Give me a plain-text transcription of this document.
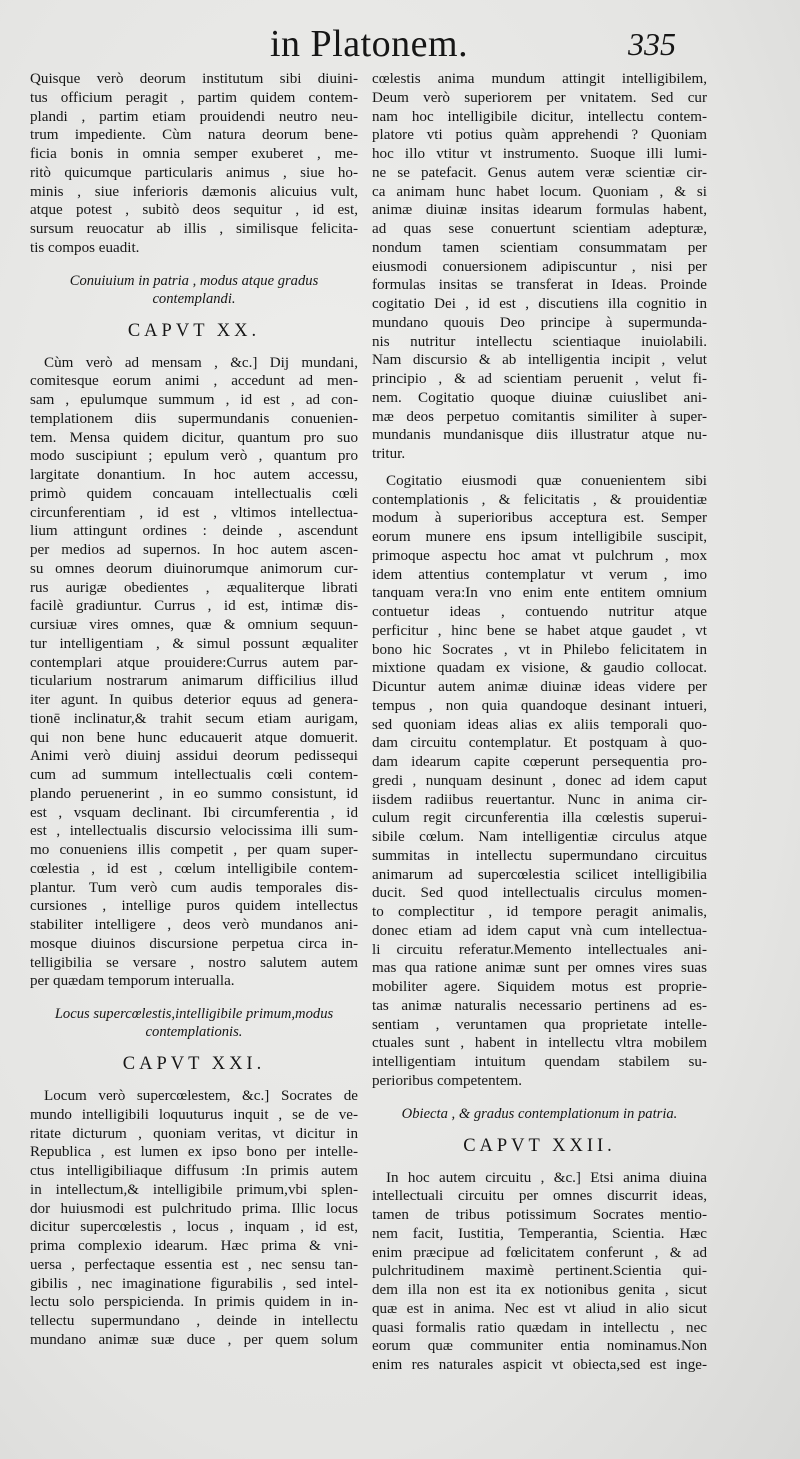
in Platonem.	335
Quisque verò deorum institutum sibi diuini-
tus officium peragit , partim quidem contem-
plandi , partim etiam prouidendi neutro neu-
trum impediente. Cùm natura deorum bene-
ficia bonis in omnia semper exuberet , me-
ritò quicumque particularis animus , siue ho-
minis , siue inferioris dæmonis alicuius vult,
atque potest , subitò deos sequitur , id est,
sursum reuocatur ab illis , similisque felicita-
tis compos euadit.
Conuiuium in patria , modus atque gradus
contemplandi.
CAPVT XX.
Cùm verò ad mensam , &c.] Dij mundani,
comitesque eorum animi , accedunt ad men-
sam , epulumque summum , id est , ad con-
templationem diis supermundanis conuenien-
tem. Mensa quidem dicitur, quantum pro suo
modo suscipiunt ; epulum verò , quantum pro
largitate donantium. In hoc autem accessu,
primò quidem concauam intellectualis cœli
circunferentiam , id est , vltimos intellectua-
lium attingunt ordines : deinde , ascendunt
per medios ad supernos. In hoc autem ascen-
su omnes deorum diuinorumque animorum cur-
rus aurigæ obedientes , æqualiterque librati
facilè gradiuntur. Currus , id est, intimæ dis-
cursiuæ vires omnes, quæ & omnium sequun-
tur intelligentiam , & simul possunt æqualiter
contemplari atque prouidere:Currus autem par-
ticularium nostrarum animarum difficilius illud
iter agunt. In quibus deterior equus ad genera-
tionē inclinatur,& trahit secum etiam aurigam,
qui non bene hunc educauerit atque domuerit.
Animi verò diuinj assidui deorum pedissequi
cum ad summum intellectualis cœli contem-
plando peruenerint , in eo summo consistunt, id
est , vsquam declinant. Ibi circumferentia , id
est , intellectualis discursio velocissima illi sum-
mo conueniens illis competit , per quam super-
cœlestia , id est , cœlum intelligibile contem-
plantur. Tum verò cum audis temporales dis-
cursiones , intellige puros quidem intellectus
stabiliter intelligere , deos verò mundanos ani-
mosque diuinos discursione perpetua circa in-
telligibilia se versare , nostro salutem autem
per quædam temporum interualla.
Locus supercœlestis,intelligibile primum,modus
contemplationis.
CAPVT XXI.
Locum verò supercœlestem, &c.] Socrates de
mundo intelligibili loquuturus inquit , se de ve-
ritate dicturum , quoniam veritas, vt dicitur in
Republica , est lumen ex ipso bono per intelle-
ctus intelligibiliaque diffusum :In primis autem
in intellectum,& intelligibile primum,vbi splen-
dor huiusmodi est pulchritudo prima. Illic locus
dicitur supercœlestis , locus , inquam , id est,
prima complexio idearum. Hæc prima & vni-
uersa , perfectaque essentia est , nec sensu tan-
gibilis , nec imaginatione figurabilis , sed intel-
lectu solo perspicienda. In primis quidem in in-
tellectu supermundano , deinde in intellectu
mundano animæ suæ duce , per quem solum
cœlestis anima mundum attingit intelligibilem,
Deum verò superiorem per vnitatem. Sed cur
nam hoc intelligibile dicitur, intellectu contem-
platore vti potius quàm apprehendi ? Quoniam
hoc illo vtitur vt instrumento. Suoque illi lumi-
ne se patefacit. Genus autem veræ scientiæ cir-
ca animam hunc habet locum. Quoniam , & si
animæ diuinæ insitas idearum formulas habent,
ad quas sese conuertunt scientiam adepturæ,
nondum tamen scientiam consummatam per
eiusmodi conuersionem adipiscuntur , nisi per
formulas insitas se transferat in Ideas. Proinde
cogitatio Dei , id est , discutiens illa cognitio in
mundano quouis Deo principe à supermunda-
nis nutritur intellectu scientiaque inuiolabili.
Nam discursio & ab intelligentia incipit , velut
principio , & ad scientiam peruenit , velut fi-
nem. Cogitatio quoque diuinæ cuiuslibet ani-
mæ deos perpetuo comitantis similiter à super-
mundanis mundanisque diis illustratur atque nu-
tritur.
Cogitatio eiusmodi quæ conuenientem sibi
contemplationis , & felicitatis , & prouidentiæ
modum à superioribus acceptura est. Semper
eorum munere ens ipsum intelligibile suscipit,
primoque aspectu hoc amat vt pulchrum , mox
idem attentius contemplatur vt verum , imo
tanquam vera:In vno enim ente entitem omnium
contuetur ideas , contuendo nutritur atque
perficitur , hinc bene se habet atque gaudet , vt
bono hic Socrates , vt in Philebo felicitatem in
mixtione quadam ex visione, & gaudio collocat.
Dicuntur autem animæ diuinæ ideas videre per
tempus , non quia quandoque desinant intueri,
sed quoniam ideas alias ex aliis temporali quo-
dam circuitu contemplatur. Et postquam à quo-
dam idearum capite cœperunt persequentia pro-
gredi , nunquam desinunt , donec ad idem caput
iisdem radiibus reuertantur. Nunc in anima cir-
culum regit circunferentia illa cœlestis superui-
sibile cœlum. Nam intelligentiæ circulus atque
summitas in intellectu supermundano circuitus
animarum ad supercœlestia scilicet intelligibilia
ducit. Sed quod intellectualis circulus momen-
to complectitur , id tempore peragit animalis,
donec etiam ad idem caput vnà cum intellectua-
li circuitu referatur.Memento intellectuales ani-
mas qua ratione animæ sunt per omnes vires suas
mobiliter agere. Siquidem motus est proprie-
tas animæ naturalis necessario pertinens ad es-
sentiam , veruntamen qua proprietate intelle-
ctuales sunt , habent in intellectu vltra mobilem
intelligentiam intuitum quendam stabilem su-
perioribus competentem.
Obiecta , & gradus contemplationum in patria.
CAPVT XXII.
In hoc autem circuitu , &c.] Etsi anima diuina
intellectuali circuitu per omnes discurrit ideas,
tamen de tribus potissimum Socrates mentio-
nem facit, Iustitia, Temperantia, Scientia. Hæc
enim præcipue ad fœlicitatem conferunt , & ad
pulchritudinem maximè pertinent.Scientia qui-
dem illa non est ita ex notionibus genita , sicut
quæ est in anima. Nec est vt aliud in alio sicut
quasi formalis ratio quædam in intellectu , nec
eorum quæ communiter entia nominamus.Non
enim res naturales aspicit vt obiecta,sed est inge-
